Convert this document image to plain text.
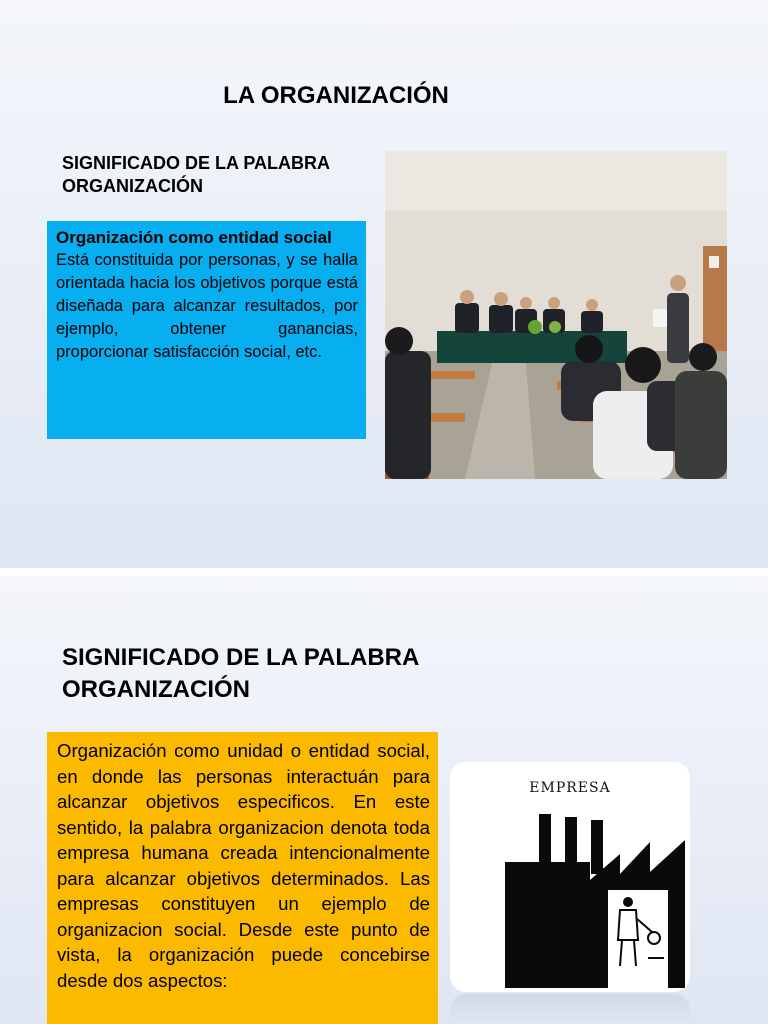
LA ORGANIZACIÓN
SIGNIFICADO DE LA PALABRA
ORGANIZACIÓN
Organización como entidad social
Está constituida por personas, y se halla orientada hacia los objetivos porque está diseñada para alcanzar resultados, por ejemplo, obtener ganancias, proporcionar satisfacción social, etc.
SIGNIFICADO DE LA PALABRA
ORGANIZACIÓN
Organización como unidad o entidad social, en donde las personas interactuán para alcanzar objetivos especificos. En este sentido, la palabra organizacion denota toda empresa humana creada intencionalmente para alcanzar objetivos determinados. Las empresas constituyen un ejemplo de organizacion social. Desde este punto de vista, la organización puede concebirse desde dos aspectos:
EMPRESA
